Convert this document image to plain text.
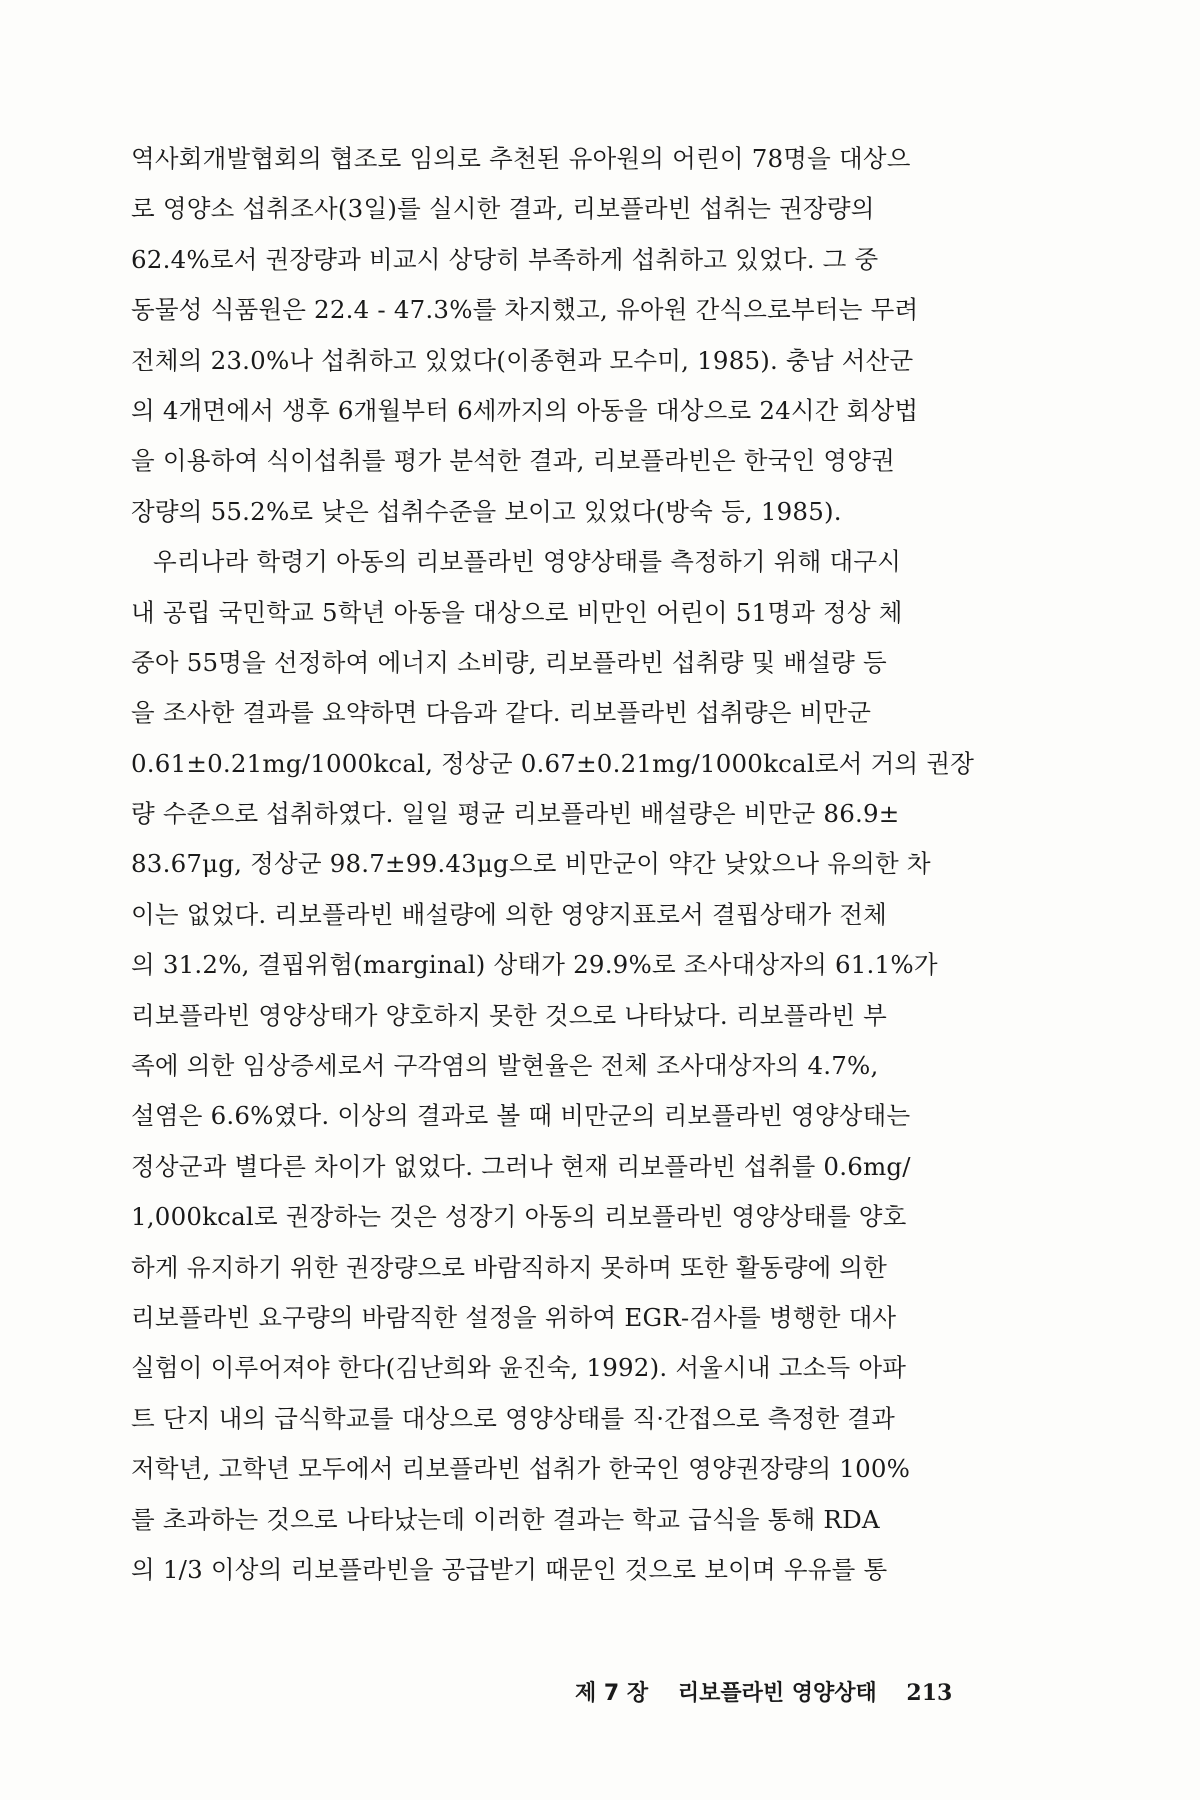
역사회개발협회의 협조로 임의로 추천된 유아원의 어린이 78명을 대상으
로 영양소 섭취조사(3일)를 실시한 결과, 리보플라빈 섭취는 권장량의
62.4%로서 권장량과 비교시 상당히 부족하게 섭취하고 있었다. 그 중
동물성 식품원은 22.4 - 47.3%를 차지했고, 유아원 간식으로부터는 무려
전체의 23.0%나 섭취하고 있었다(이종현과 모수미, 1985). 충남 서산군
의 4개면에서 생후 6개월부터 6세까지의 아동을 대상으로 24시간 회상법
을 이용하여 식이섭취를 평가 분석한 결과, 리보플라빈은 한국인 영양권
장량의 55.2%로 낮은 섭취수준을 보이고 있었다(방숙 등, 1985).
우리나라 학령기 아동의 리보플라빈 영양상태를 측정하기 위해 대구시
내 공립 국민학교 5학년 아동을 대상으로 비만인 어린이 51명과 정상 체
중아 55명을 선정하여 에너지 소비량, 리보플라빈 섭취량 및 배설량 등
을 조사한 결과를 요약하면 다음과 같다. 리보플라빈 섭취량은 비만군
0.61±0.21mg/1000kcal, 정상군 0.67±0.21mg/1000kcal로서 거의 권장
량 수준으로 섭취하였다. 일일 평균 리보플라빈 배설량은 비만군 86.9±
83.67μg, 정상군 98.7±99.43μg으로 비만군이 약간 낮았으나 유의한 차
이는 없었다. 리보플라빈 배설량에 의한 영양지표로서 결핍상태가 전체
의 31.2%, 결핍위험(marginal) 상태가 29.9%로 조사대상자의 61.1%가
리보플라빈 영양상태가 양호하지 못한 것으로 나타났다. 리보플라빈 부
족에 의한 임상증세로서 구각염의 발현율은 전체 조사대상자의 4.7%,
설염은 6.6%였다. 이상의 결과로 볼 때 비만군의 리보플라빈 영양상태는
정상군과 별다른 차이가 없었다. 그러나 현재 리보플라빈 섭취를 0.6mg/
1,000kcal로 권장하는 것은 성장기 아동의 리보플라빈 영양상태를 양호
하게 유지하기 위한 권장량으로 바람직하지 못하며 또한 활동량에 의한
리보플라빈 요구량의 바람직한 설정을 위하여 EGR-검사를 병행한 대사
실험이 이루어져야 한다(김난희와 윤진숙, 1992). 서울시내 고소득 아파
트 단지 내의 급식학교를 대상으로 영양상태를 직·간접으로 측정한 결과
저학년, 고학년 모두에서 리보플라빈 섭취가 한국인 영양권장량의 100%
를 초과하는 것으로 나타났는데 이러한 결과는 학교 급식을 통해 RDA
의 1/3 이상의 리보플라빈을 공급받기 때문인 것으로 보이며 우유를 통
제 7 장 리보플라빈 영양상태 213
